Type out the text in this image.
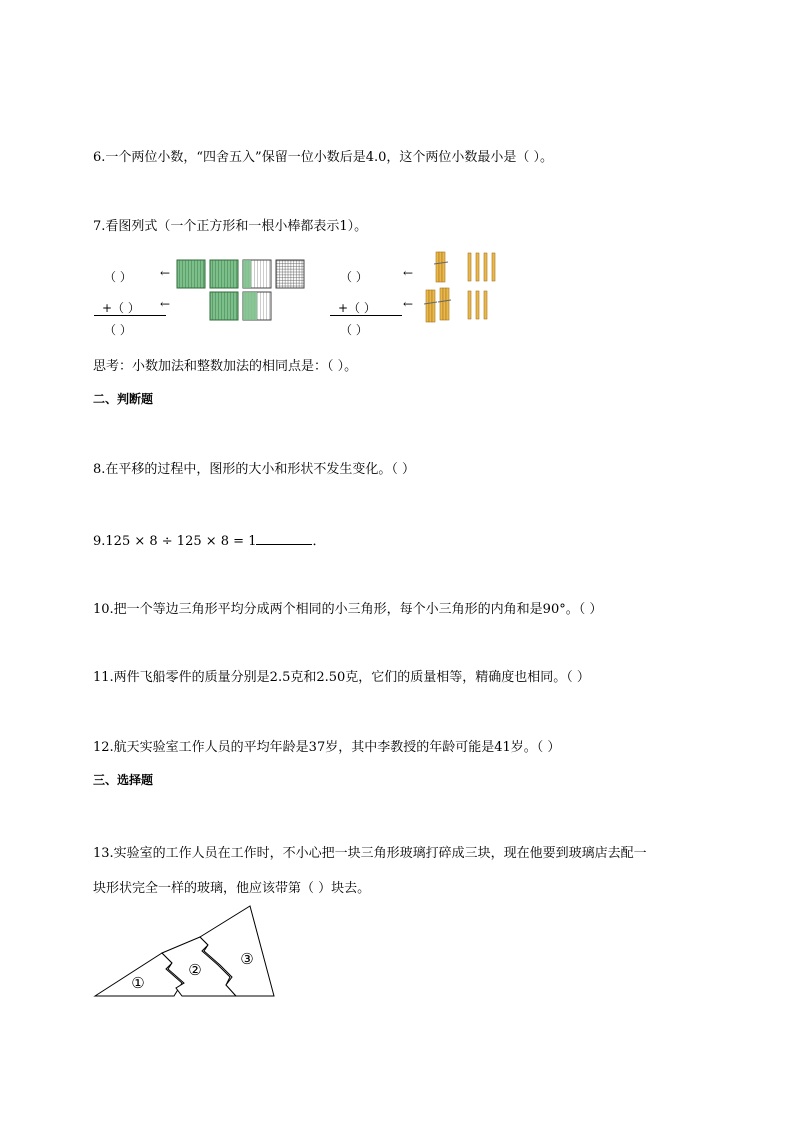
6.一个两位小数，“四舍五入”保留一位小数后是4.0，这个两位小数最小是（ ）。
7.看图列式（一个正方形和一根小棒都表示1）。
（ ） ←
+（ ） ←
（ ）
（ ）	←
+（ ） ←
（ ）
思考：小数加法和整数加法的相同点是：（ ）。
二、判断题
8.在平移的过程中，图形的大小和形状不发生变化。（ ）
9.125 × 8 ÷ 125 × 8 = 1	．
10.把一个等边三角形平均分成两个相同的小三角形，每个小三角形的内角和是90°。（ ）
11.两件飞船零件的质量分别是2.5克和2.50克，它们的质量相等，精确度也相同。（ ）
12.航天实验室工作人员的平均年龄是37岁，其中李教授的年龄可能是41岁。（ ）
三、选择题
13.实验室的工作人员在工作时，不小心把一块三角形玻璃打碎成三块，现在他要到玻璃店去配一
块形状完全一样的玻璃，他应该带第（ ）块去。
①
②
③
